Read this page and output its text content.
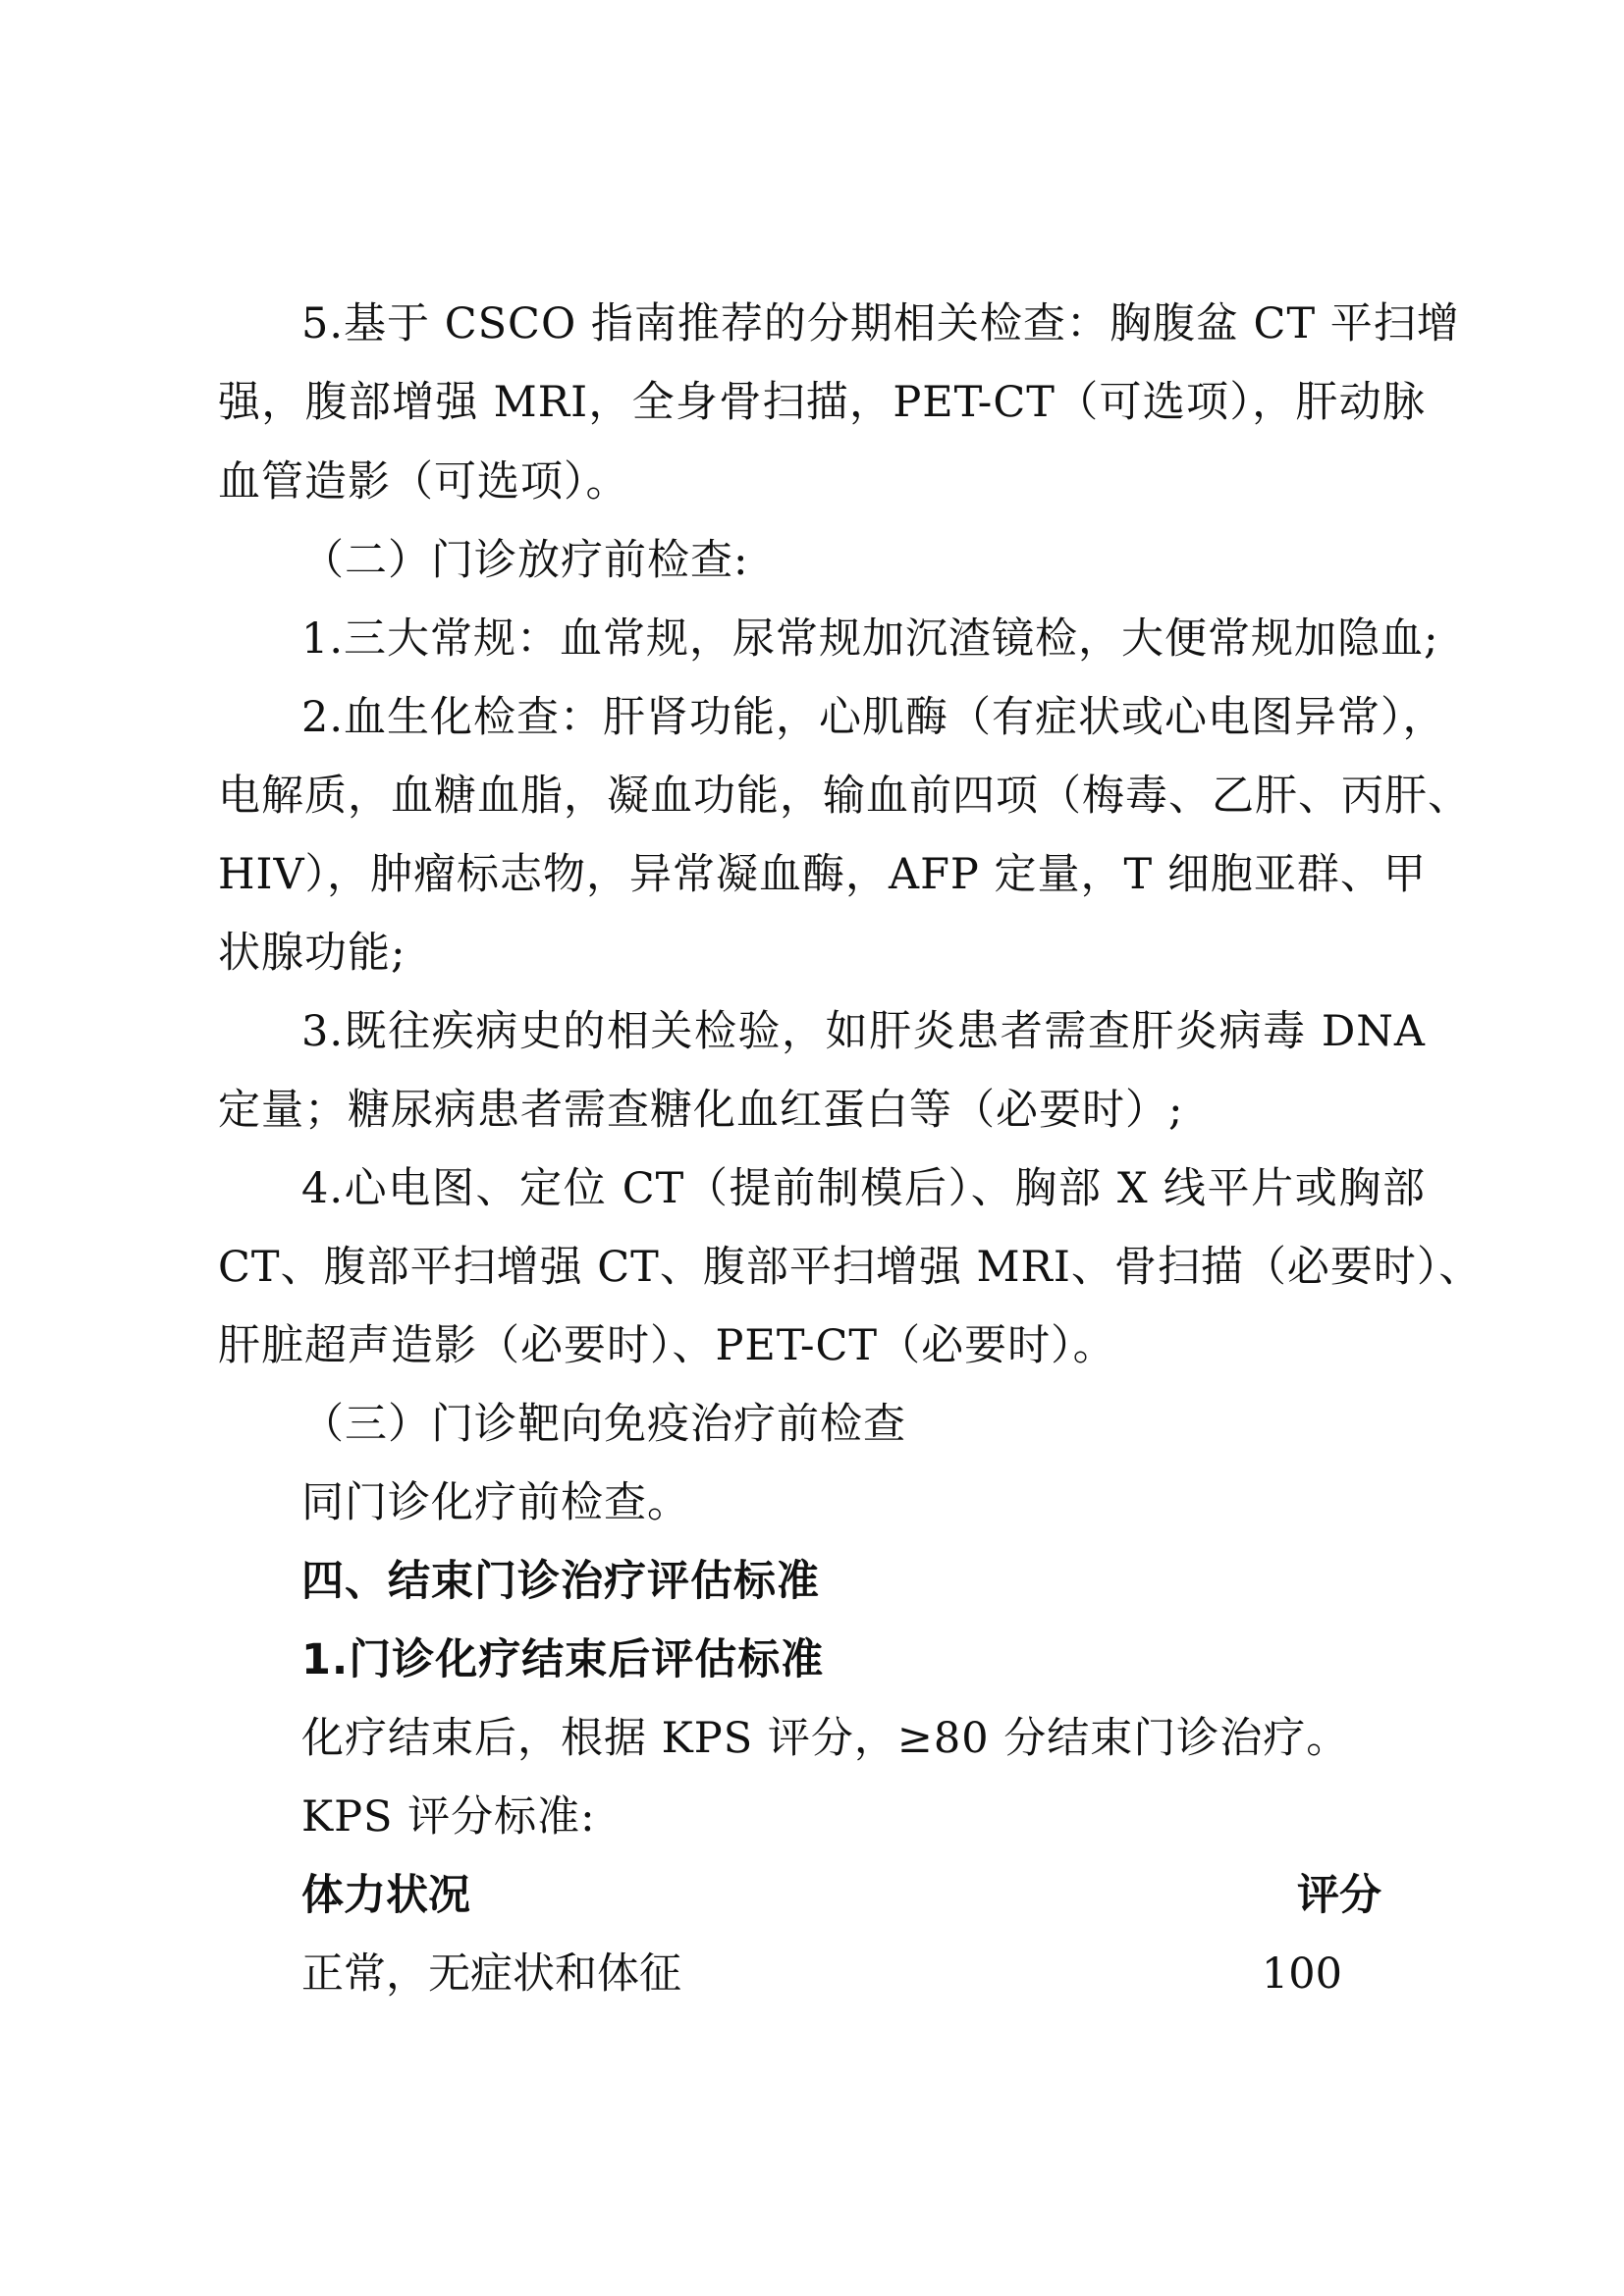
5.基于 CSCO 指南推荐的分期相关检查：胸腹盆 CT 平扫增
强，腹部增强 MRI，全身骨扫描，PET-CT（可选项），肝动脉
血管造影（可选项）。
（二）门诊放疗前检查:
1.三大常规：血常规，尿常规加沉渣镜检，大便常规加隐血;
2.血生化检查：肝肾功能，心肌酶（有症状或心电图异常），
电解质，血糖血脂，凝血功能，输血前四项（梅毒、乙肝、丙肝、
HIV），肿瘤标志物，异常凝血酶，AFP 定量，T 细胞亚群、甲
状腺功能;
3.既往疾病史的相关检验，如肝炎患者需查肝炎病毒 DNA
定量；糖尿病患者需查糖化血红蛋白等（必要时）;
4.心电图、定位 CT（提前制模后）、胸部 X 线平片或胸部
CT、腹部平扫增强 CT、腹部平扫增强 MRI、骨扫描（必要时）、
肝脏超声造影（必要时）、PET-CT（必要时）。
（三）门诊靶向免疫治疗前检查
同门诊化疗前检查。
四、结束门诊治疗评估标准
1.门诊化疗结束后评估标准
化疗结束后，根据 KPS 评分，≥80 分结束门诊治疗。
KPS 评分标准:
体力状况	评分
正常，无症状和体征	100
